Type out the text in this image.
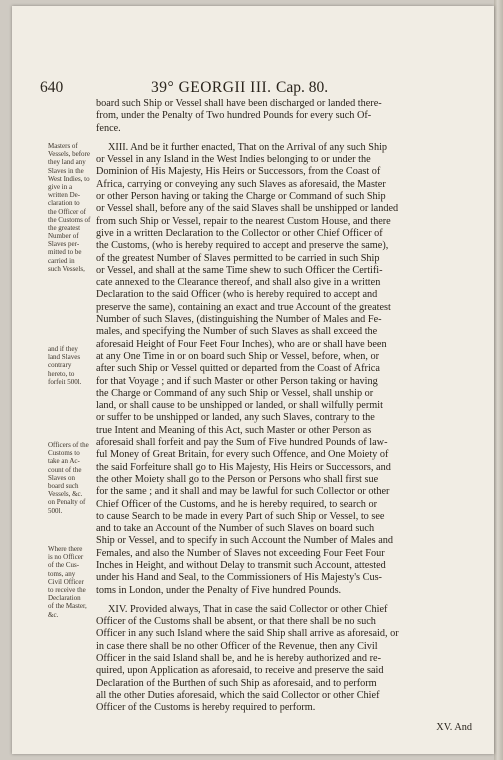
640	39° GEORGII III. Cap. 80.
board such Ship or Vessel shall have been discharged or landed there-
from, under the Penalty of Two hundred Pounds for every such Of-
fence.
XIII. And be it further enacted, That on the Arrival of any such Ship
or Vessel in any Island in the West Indies belonging to or under the
Dominion of His Majesty, His Heirs or Successors, from the Coast of
Africa, carrying or conveying any such Slaves as aforesaid, the Master
or other Person having or taking the Charge or Command of such Ship
or Vessel shall, before any of the said Slaves shall be unshipped or landed
from such Ship or Vessel, repair to the nearest Custom House, and there
give in a written Declaration to the Collector or other Chief Officer of
the Customs, (who is hereby required to accept and preserve the same),
of the greatest Number of Slaves permitted to be carried in such Ship
or Vessel, and shall at the same Time shew to such Officer the Certifi-
cate annexed to the Clearance thereof, and shall also give in a written
Declaration to the said Officer (who is hereby required to accept and
preserve the same), containing an exact and true Account of the greatest
Number of such Slaves, (distinguishing the Number of Males and Fe-
males, and specifying the Number of such Slaves as shall exceed the
aforesaid Height of Four Feet Four Inches), who are or shall have been
at any One Time in or on board such Ship or Vessel, before, when, or
after such Ship or Vessel quitted or departed from the Coast of Africa
for that Voyage ; and if such Master or other Person taking or having
the Charge or Command of any such Ship or Vessel, shall unship or
land, or shall cause to be unshipped or landed, or shall wilfully permit
or suffer to be unshipped or landed, any such Slaves, contrary to the
true Intent and Meaning of this Act, such Master or other Person as
aforesaid shall forfeit and pay the Sum of Five hundred Pounds of law-
ful Money of Great Britain, for every such Offence, and One Moiety of
the said Forfeiture shall go to His Majesty, His Heirs or Successors, and
the other Moiety shall go to the Person or Persons who shall first sue
for the same ; and it shall and may be lawful for such Collector or other
Chief Officer of the Customs, and he is hereby required, to search or
to cause Search to be made in every Part of such Ship or Vessel, to see
and to take an Account of the Number of such Slaves on board such
Ship or Vessel, and to specify in such Account the Number of Males and
Females, and also the Number of Slaves not exceeding Four Feet Four
Inches in Height, and without Delay to transmit such Account, attested
under his Hand and Seal, to the Commissioners of His Majesty's Cus-
toms in London, under the Penalty of Five hundred Pounds.
XIV. Provided always, That in case the said Collector or other Chief
Officer of the Customs shall be absent, or that there shall be no such
Officer in any such Island where the said Ship shall arrive as aforesaid, or
in case there shall be no other Officer of the Revenue, then any Civil
Officer in the said Island shall be, and he is hereby authorized and re-
quired, upon Application as aforesaid, to receive and preserve the said
Declaration of the Burthen of such Ship as aforesaid, and to perform
all the other Duties aforesaid, which the said Collector or other Chief
Officer of the Customs is hereby required to perform.
XV. And
Masters of
Vessels, before
they land any
Slaves in the
West Indies, to
give in a
written De-
claration to
the Officer of
the Customs of
the greatest
Number of
Slaves per-
mitted to be
carried in
such Vessels,
and if they
land Slaves
contrary
hereto, to
forfeit 500l.
Officers of the
Customs to
take an Ac-
count of the
Slaves on
board such
Vessels, &c.
on Penalty of
500l.
Where there
is no Officer
of the Cus-
toms, any
Civil Officer
to receive the
Declaration
of the Master,
&c.
